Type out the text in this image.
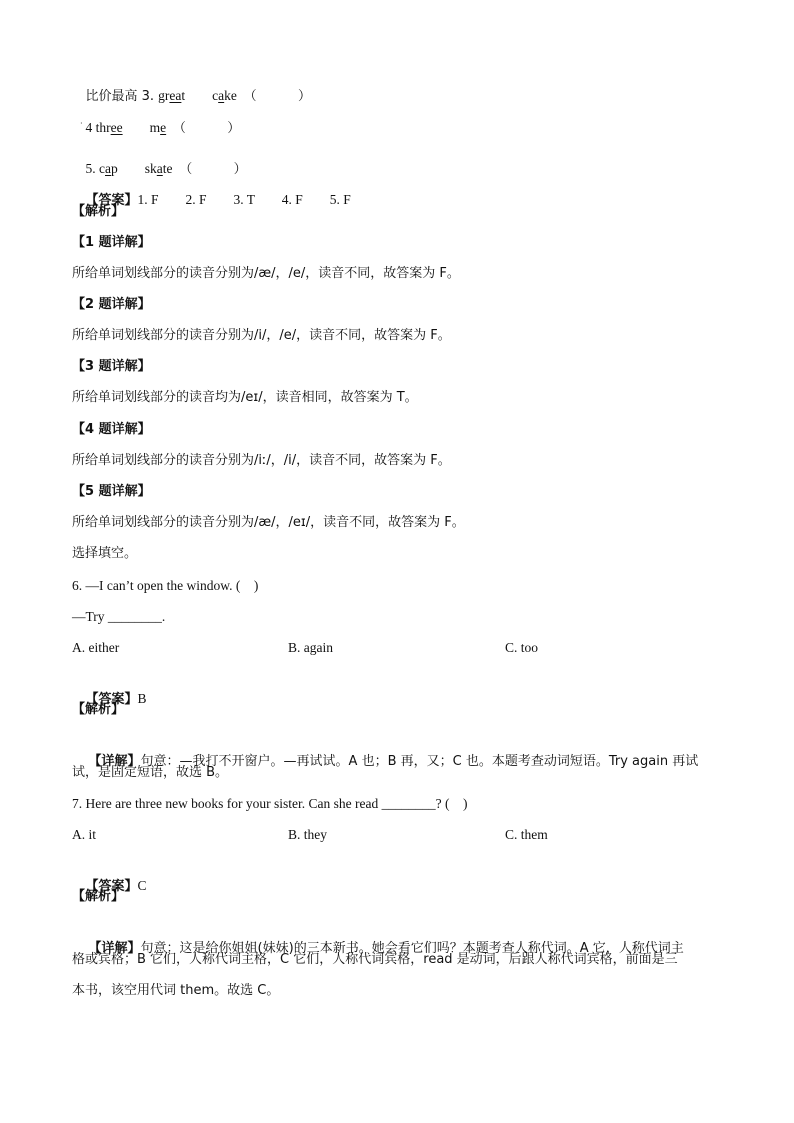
比价最高 3. great cake （          ）

4 three me （          ）

·

5. cap skate （          ）

【答案】1. F        2. F        3. T        4. F        5. F

【解析】
【1 题详解】
所给单词划线部分的读音分别为/æ/，/e/，读音不同，故答案为 F。
【2 题详解】
所给单词划线部分的读音分别为/i/，/e/，读音不同，故答案为 F。
【3 题详解】
所给单词划线部分的读音均为/eɪ/，读音相同，故答案为 T。
【4 题详解】
所给单词划线部分的读音分别为/iː/，/i/，读音不同，故答案为 F。
【5 题详解】
所给单词划线部分的读音分别为/æ/，/eɪ/，读音不同，故答案为 F。
选择填空。
6. —I can’t open the window. (    )
—Try ________.
A. either	B. again	C. too

【答案】B

【解析】

【详解】句意：—我打不开窗户。—再试试。A 也；B 再，又；C 也。本题考查动词短语。Try again 再试

试，是固定短语，故选 B。
7. Here are three new books for your sister. Can she read ________? (    )
A. it	B. they	C. them

【答案】C

【解析】

【详解】句意：这是给你姐姐(妹妹)的三本新书。她会看它们吗？本题考查人称代词。A 它，人称代词主

格或宾格；B 它们，人称代词主格，C 它们，人称代词宾格，read 是动词，后跟人称代词宾格，前面是三
本书，该空用代词 them。故选 C。
